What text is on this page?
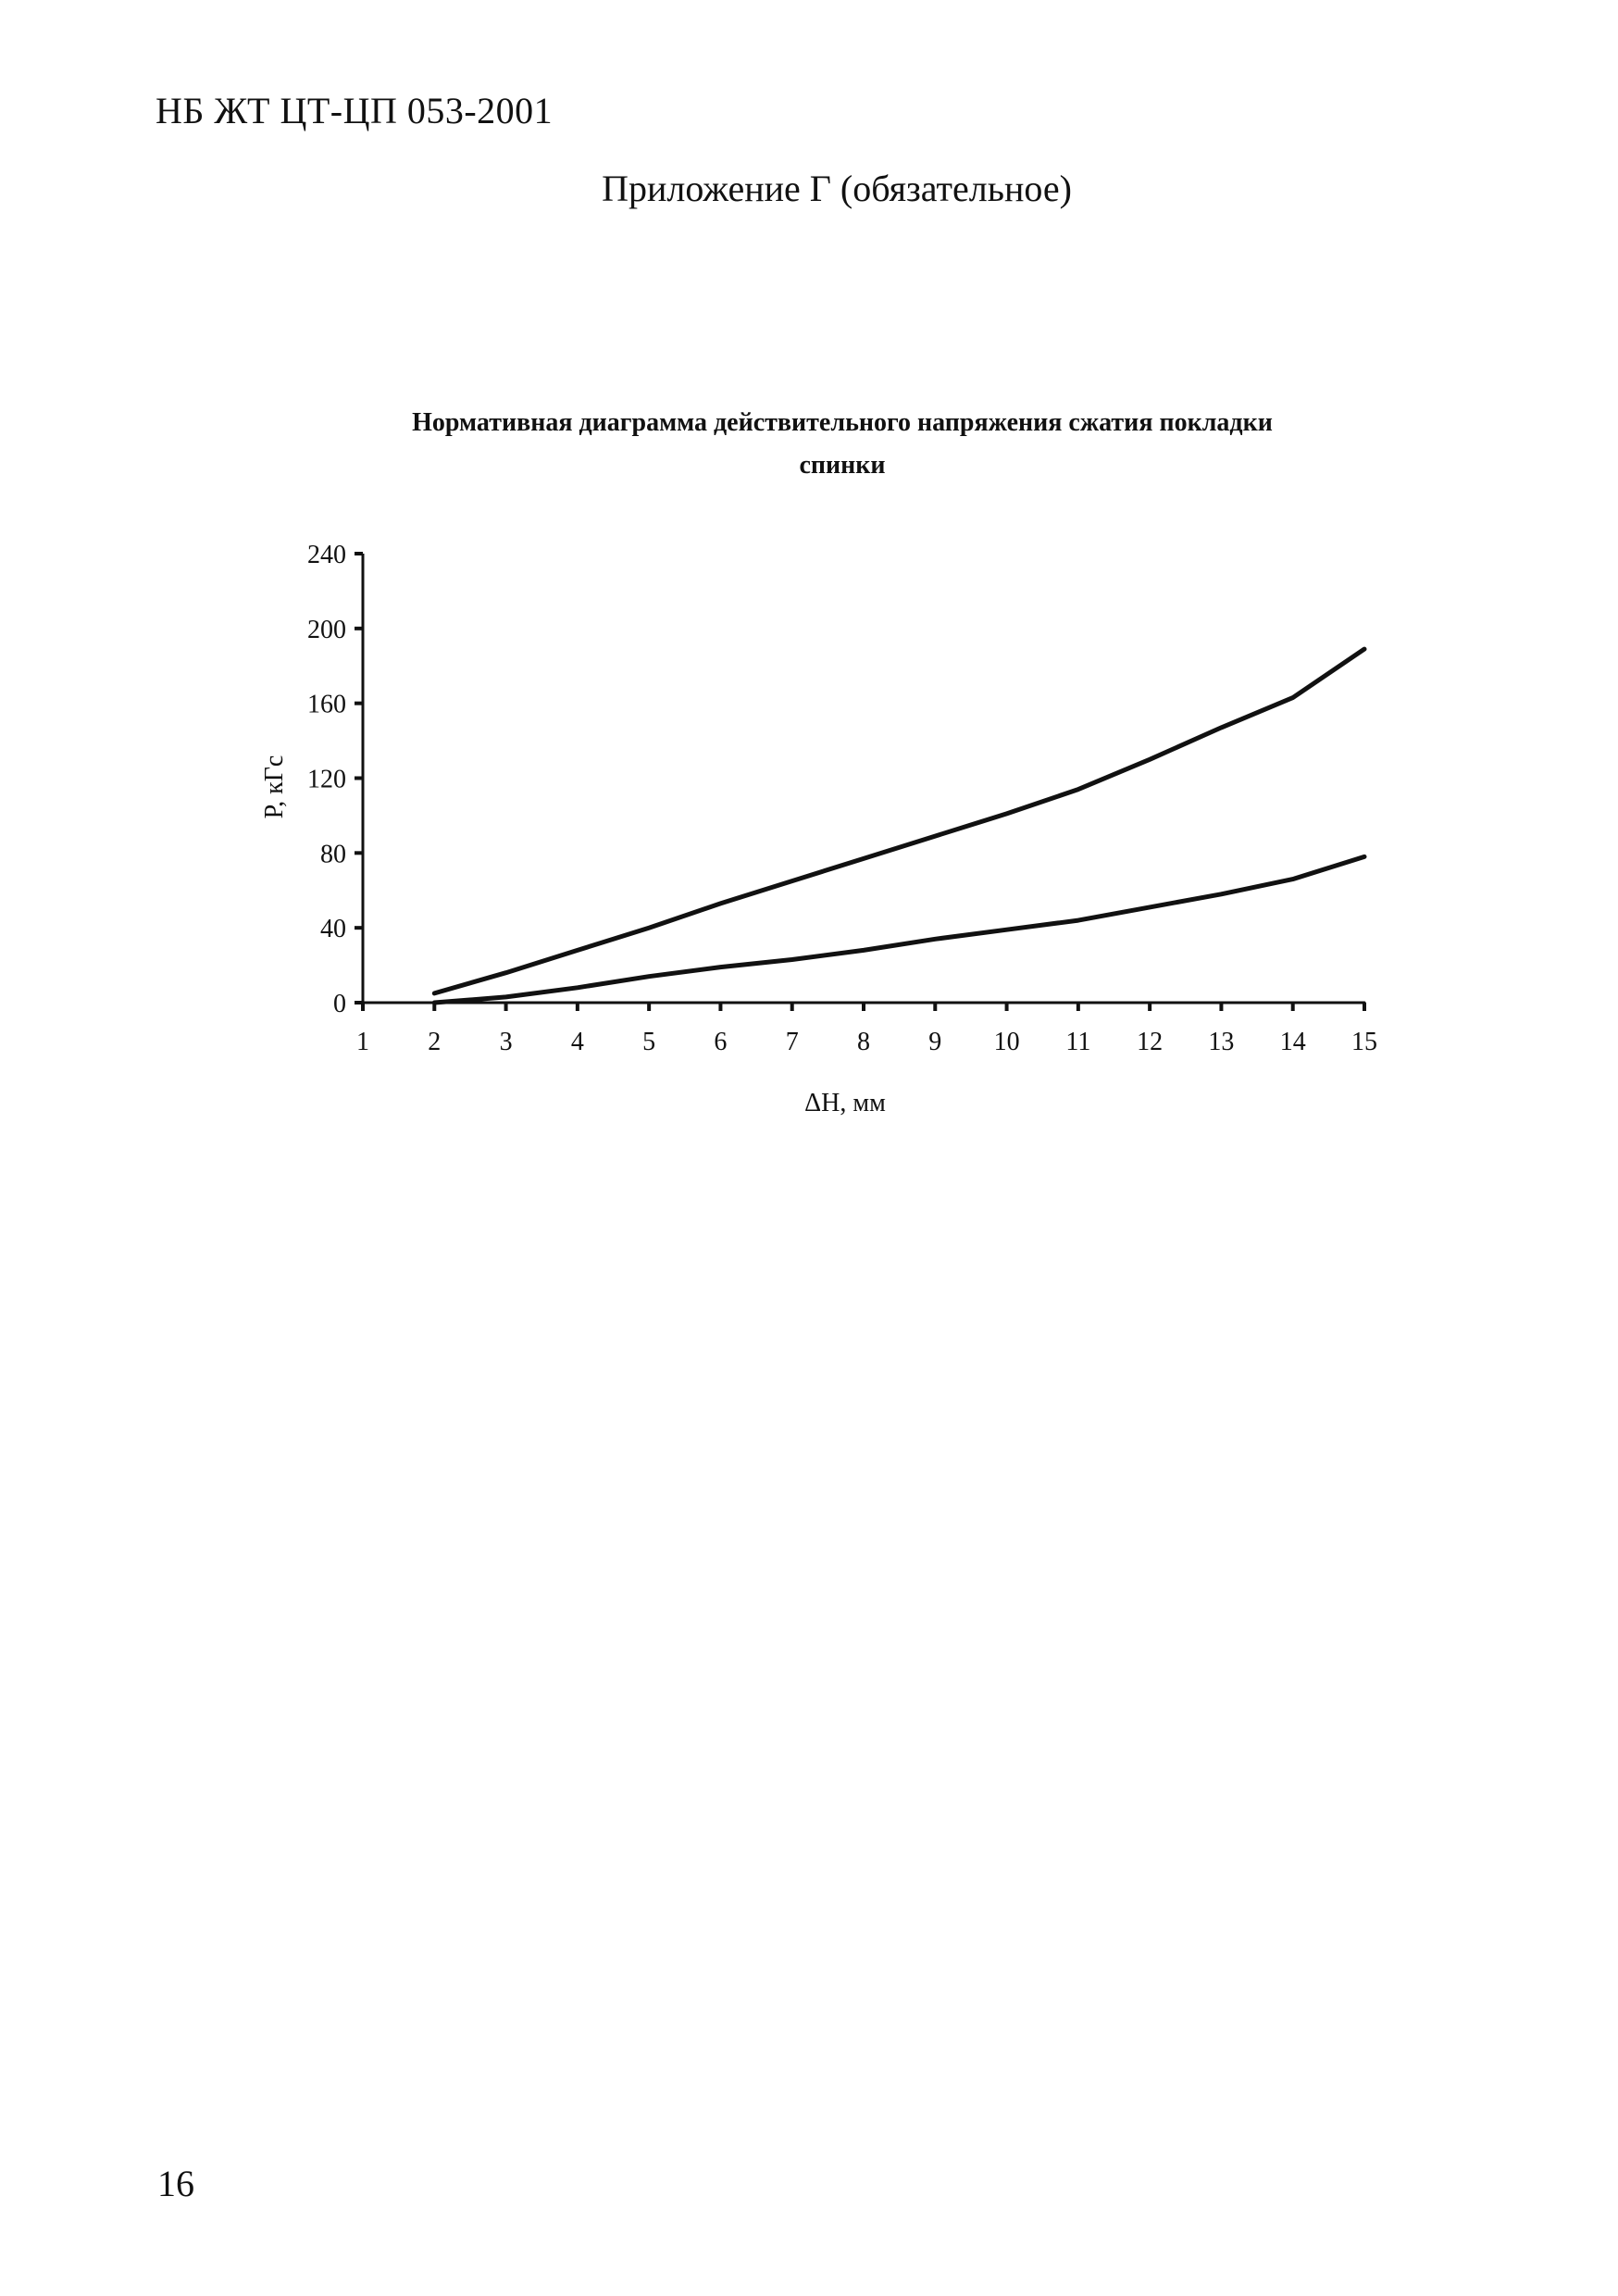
НБ ЖТ ЦТ-ЦП 053-2001
Приложение Г (обязательное)
Нормативная диаграмма действительного напряжения сжатия покладки
спинки
0
40
80
120
160
200
240
1 2 3 4 5 6 7 8 9 10 11 12 13 14 15
ΔH, мм
P, кГс
16
